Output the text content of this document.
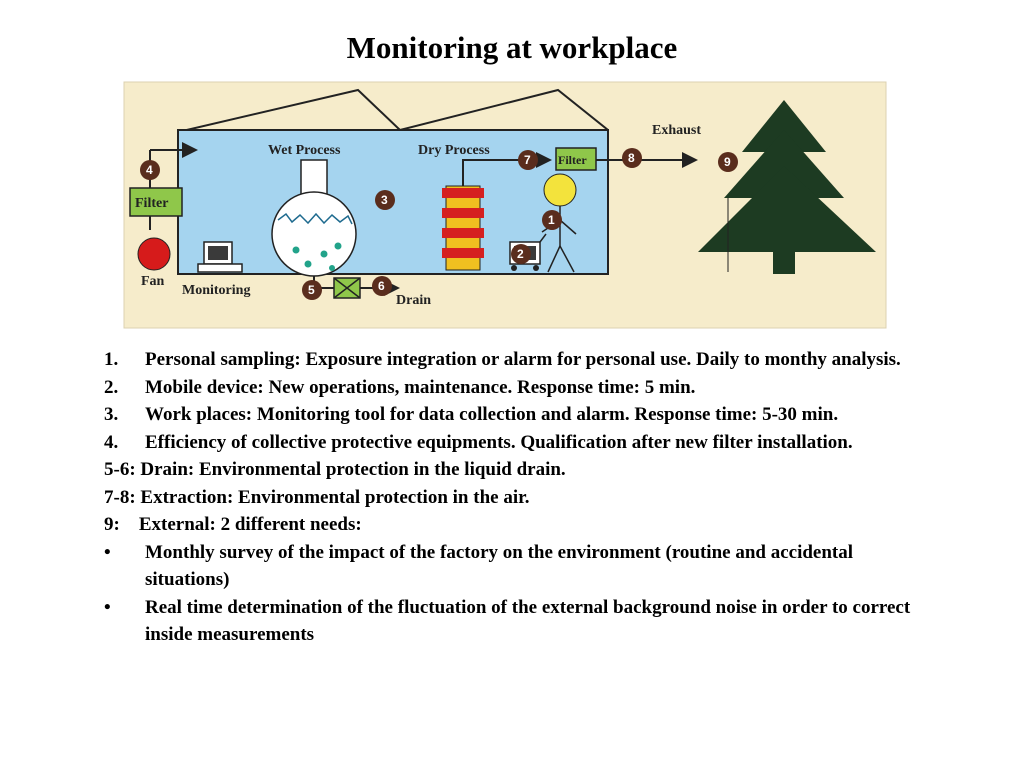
Monitoring at workplace
Filter
Fan
Monitoring
Wet Process
Drain
Dry Process
Filter
Exhaust
1
2
3
4
5	6
7	8	9
1.	Personal sampling: Exposure integration or alarm for personal use. Daily to monthy analysis.
2.	Mobile device: New operations, maintenance. Response time: 5 min.
3.	Work places: Monitoring tool for data collection and alarm. Response time: 5-30 min.
4.	Efficiency of collective protective equipments. Qualification after new filter installation.
5-6: Drain: Environmental protection in the liquid drain.
7-8: Extraction: Environmental protection in the air.
9: External: 2 different needs:
•	Monthly survey of the impact of the factory on the environment (routine and accidental situations)
•	Real time determination of the fluctuation of the external background noise in order to correct inside measurements
